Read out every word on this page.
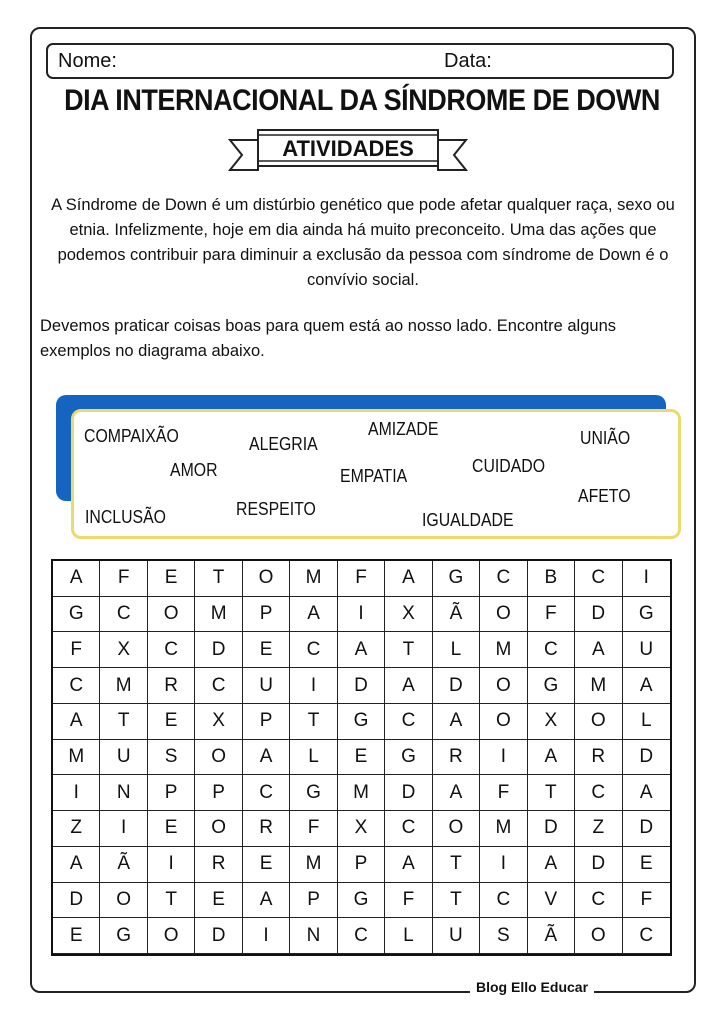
Nome:	Data:
DIA INTERNACIONAL DA SÍNDROME DE DOWN
ATIVIDADES
A Síndrome de Down é um distúrbio genético que pode afetar qualquer raça, sexo ou etnia. Infelizmente, hoje em dia ainda há muito preconceito. Uma das ações que podemos contribuir para diminuir a exclusão da pessoa com síndrome de Down é o convívio social.
Devemos praticar coisas boas para quem está ao nosso lado. Encontre alguns exemplos no diagrama abaixo.
COMPAIXÃO	ALEGRIA
AMIZADE	UNIÃO
AMOR	EMPATIA	CUIDADO
AFETO
INCLUSÃO	RESPEITO
IGUALDADE
A	F	E	T	O	M	F	A	G	C	B	C	I
G	C	O	M	P	A	I	X	Ã	O	F	D	G
F	X	C	D	E	C	A	T	L	M	C	A	U
C	M	R	C	U	I	D	A	D	O	G	M	A
A	T	E	X	P	T	G	C	A	O	X	O	L
M	U	S	O	A	L	E	G	R	I	A	R	D
I	N	P	P	C	G	M	D	A	F	T	C	A
Z	I	E	O	R	F	X	C	O	M	D	Z	D
A	Ã	I	R	E	M	P	A	T	I	A	D	E
D	O	T	E	A	P	G	F	T	C	V	C	F
E	G	O	D	I	N	C	L	U	S	Ã	O	C
Blog Ello Educar
